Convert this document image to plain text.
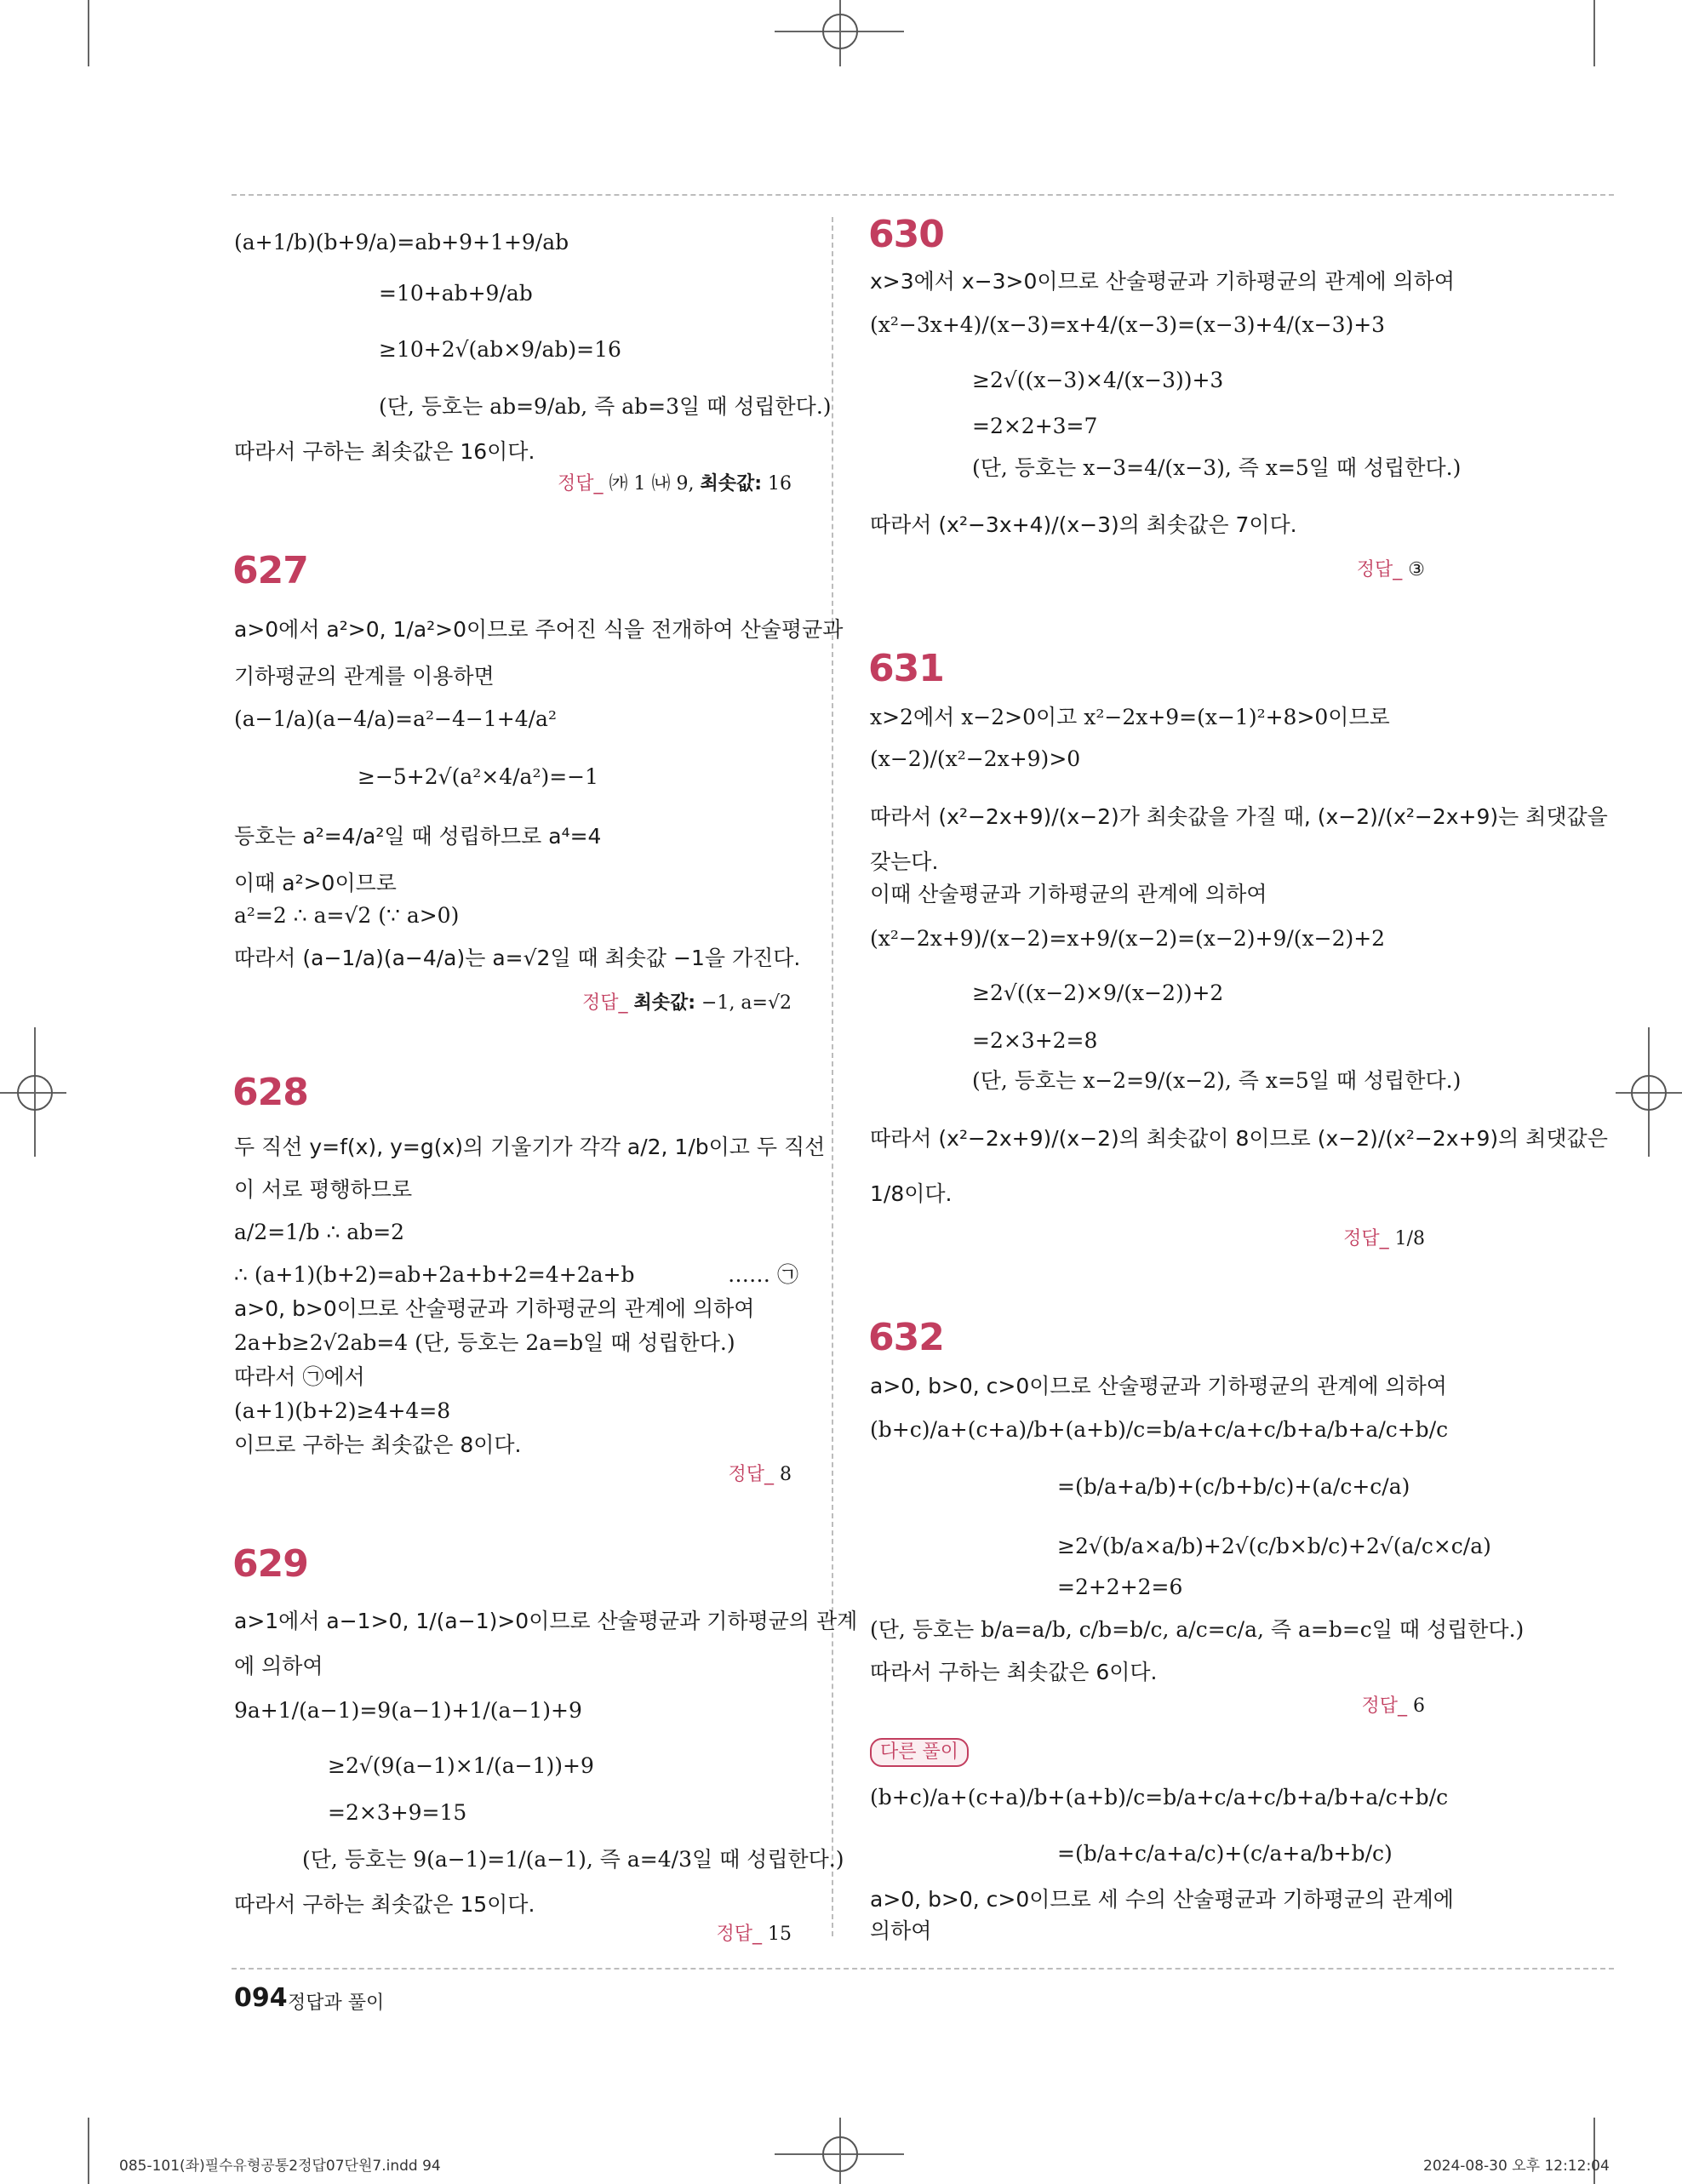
(a+1/b)(b+9/a)=ab+9+1+9/ab
=10+ab+9/ab
≥10+2√(ab×9/ab)=16
(단, 등호는 ab=9/ab, 즉 ab=3일 때 성립한다.)
따라서 구하는 최솟값은 16이다.
정답_ ㈎ 1 ㈏ 9, 최솟값: 16
627
a>0에서 a²>0, 1/a²>0이므로 주어진 식을 전개하여 산술평균과
기하평균의 관계를 이용하면
(a−1/a)(a−4/a)=a²−4−1+4/a²
≥−5+2√(a²×4/a²)=−1
등호는 a²=4/a²일 때 성립하므로 a⁴=4
이때 a²>0이므로
a²=2 ∴ a=√2 (∵ a>0)
따라서 (a−1/a)(a−4/a)는 a=√2일 때 최솟값 −1을 가진다.
정답_ 최솟값: −1, a=√2
628
두 직선 y=f(x), y=g(x)의 기울기가 각각 a/2, 1/b이고 두 직선
이 서로 평행하므로
a/2=1/b ∴ ab=2
∴ (a+1)(b+2)=ab+2a+b+2=4+2a+b	…… ㉠
a>0, b>0이므로 산술평균과 기하평균의 관계에 의하여
2a+b≥2√2ab=4 (단, 등호는 2a=b일 때 성립한다.)
따라서 ㉠에서
(a+1)(b+2)≥4+4=8
이므로 구하는 최솟값은 8이다.
정답_ 8
629
a>1에서 a−1>0, 1/(a−1)>0이므로 산술평균과 기하평균의 관계
에 의하여
9a+1/(a−1)=9(a−1)+1/(a−1)+9
≥2√(9(a−1)×1/(a−1))+9
=2×3+9=15
(단, 등호는 9(a−1)=1/(a−1), 즉 a=4/3일 때 성립한다.)
따라서 구하는 최솟값은 15이다.
정답_ 15
630
x>3에서 x−3>0이므로 산술평균과 기하평균의 관계에 의하여
(x²−3x+4)/(x−3)=x+4/(x−3)=(x−3)+4/(x−3)+3
≥2√((x−3)×4/(x−3))+3
=2×2+3=7
(단, 등호는 x−3=4/(x−3), 즉 x=5일 때 성립한다.)
따라서 (x²−3x+4)/(x−3)의 최솟값은 7이다.
정답_ ③
631
x>2에서 x−2>0이고 x²−2x+9=(x−1)²+8>0이므로
(x−2)/(x²−2x+9)>0
따라서 (x²−2x+9)/(x−2)가 최솟값을 가질 때, (x−2)/(x²−2x+9)는 최댓값을
갖는다.
이때 산술평균과 기하평균의 관계에 의하여
(x²−2x+9)/(x−2)=x+9/(x−2)=(x−2)+9/(x−2)+2
≥2√((x−2)×9/(x−2))+2
=2×3+2=8
(단, 등호는 x−2=9/(x−2), 즉 x=5일 때 성립한다.)
따라서 (x²−2x+9)/(x−2)의 최솟값이 8이므로 (x−2)/(x²−2x+9)의 최댓값은
1/8이다.
정답_ 1/8
632
a>0, b>0, c>0이므로 산술평균과 기하평균의 관계에 의하여
(b+c)/a+(c+a)/b+(a+b)/c=b/a+c/a+c/b+a/b+a/c+b/c
=(b/a+a/b)+(c/b+b/c)+(a/c+c/a)
≥2√(b/a×a/b)+2√(c/b×b/c)+2√(a/c×c/a)
=2+2+2=6
(단, 등호는 b/a=a/b, c/b=b/c, a/c=c/a, 즉 a=b=c일 때 성립한다.)
따라서 구하는 최솟값은 6이다.
정답_ 6
다른 풀이
(b+c)/a+(c+a)/b+(a+b)/c=b/a+c/a+c/b+a/b+a/c+b/c
=(b/a+c/a+a/c)+(c/a+a/b+b/c)
a>0, b>0, c>0이므로 세 수의 산술평균과 기하평균의 관계에
의하여
094 정답과 풀이
085-101(좌)필수유형공통2정답07단원7.indd 94	2024-08-30 오후 12:12:04
